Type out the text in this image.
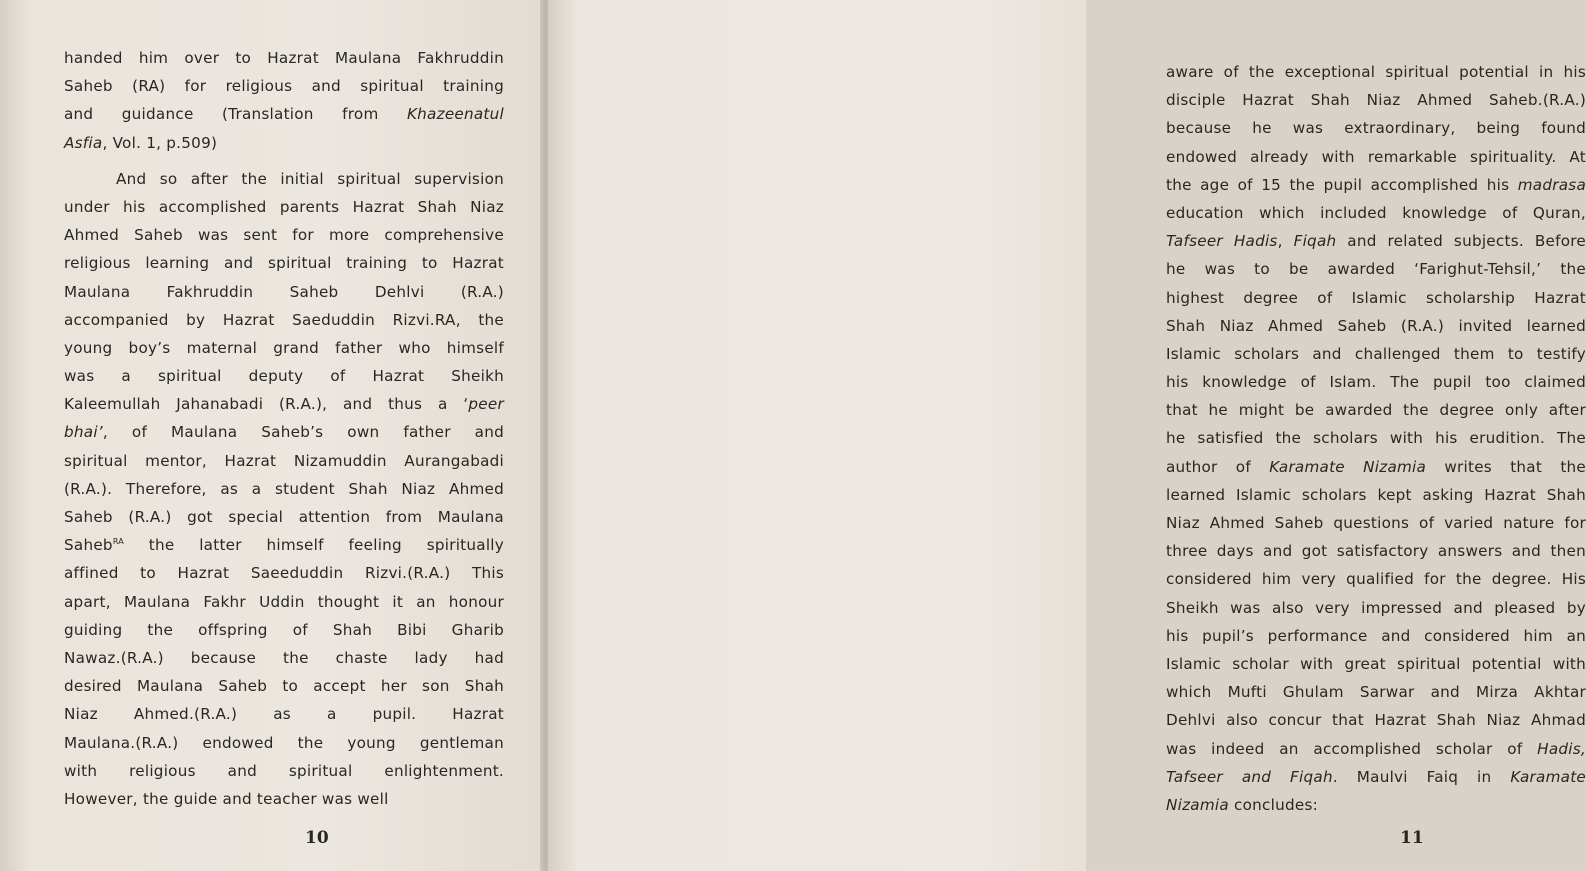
handed him over to Hazrat Maulana Fakhruddin
Saheb (RA) for religious and spiritual training
and guidance (Translation from Khazeenatul
Asfia, Vol. 1, p.509)
And so after the initial spiritual supervision
under his accomplished parents Hazrat Shah Niaz
Ahmed Saheb was sent for more comprehensive
religious learning and spiritual training to Hazrat
Maulana Fakhruddin Saheb Dehlvi (R.A.)
accompanied by Hazrat Saeduddin Rizvi.RA, the
young boy’s maternal grand father who himself
was a spiritual deputy of Hazrat Sheikh
Kaleemullah Jahanabadi (R.A.), and thus a ‘peer
bhai’, of Maulana Saheb’s own father and
spiritual mentor, Hazrat Nizamuddin Aurangabadi
(R.A.). Therefore, as a student Shah Niaz Ahmed
Saheb (R.A.) got special attention from Maulana
Saheb$^{RA}$ the latter himself feeling spiritually
affined to Hazrat Saeeduddin Rizvi.(R.A.) This
apart, Maulana Fakhr Uddin thought it an honour
guiding the offspring of Shah Bibi Gharib
Nawaz.(R.A.) because the chaste lady had
desired Maulana Saheb to accept her son Shah
Niaz Ahmed.(R.A.) as a pupil. Hazrat
Maulana.(R.A.) endowed the young gentleman
with religious and spiritual enlightenment.
However, the guide and teacher was well
10
aware of the exceptional spiritual potential in his
disciple Hazrat Shah Niaz Ahmed Saheb.(R.A.)
because he was extraordinary, being found
endowed already with remarkable spirituality. At
the age of 15 the pupil accomplished his madrasa
education which included knowledge of Quran,
Tafseer Hadis, Fiqah and related subjects. Before
he was to be awarded ‘Farighut-Tehsil,’ the
highest degree of Islamic scholarship Hazrat
Shah Niaz Ahmed Saheb (R.A.) invited learned
Islamic scholars and challenged them to testify
his knowledge of Islam. The pupil too claimed
that he might be awarded the degree only after
he satisfied the scholars with his erudition. The
author of Karamate Nizamia writes that the
learned Islamic scholars kept asking Hazrat Shah
Niaz Ahmed Saheb questions of varied nature for
three days and got satisfactory answers and then
considered him very qualified for the degree. His
Sheikh was also very impressed and pleased by
his pupil’s performance and considered him an
Islamic scholar with great spiritual potential with
which Mufti Ghulam Sarwar and Mirza Akhtar
Dehlvi also concur that Hazrat Shah Niaz Ahmad
was indeed an accomplished scholar of Hadis,
Tafseer and Fiqah. Maulvi Faiq in Karamate
Nizamia concludes:
11
